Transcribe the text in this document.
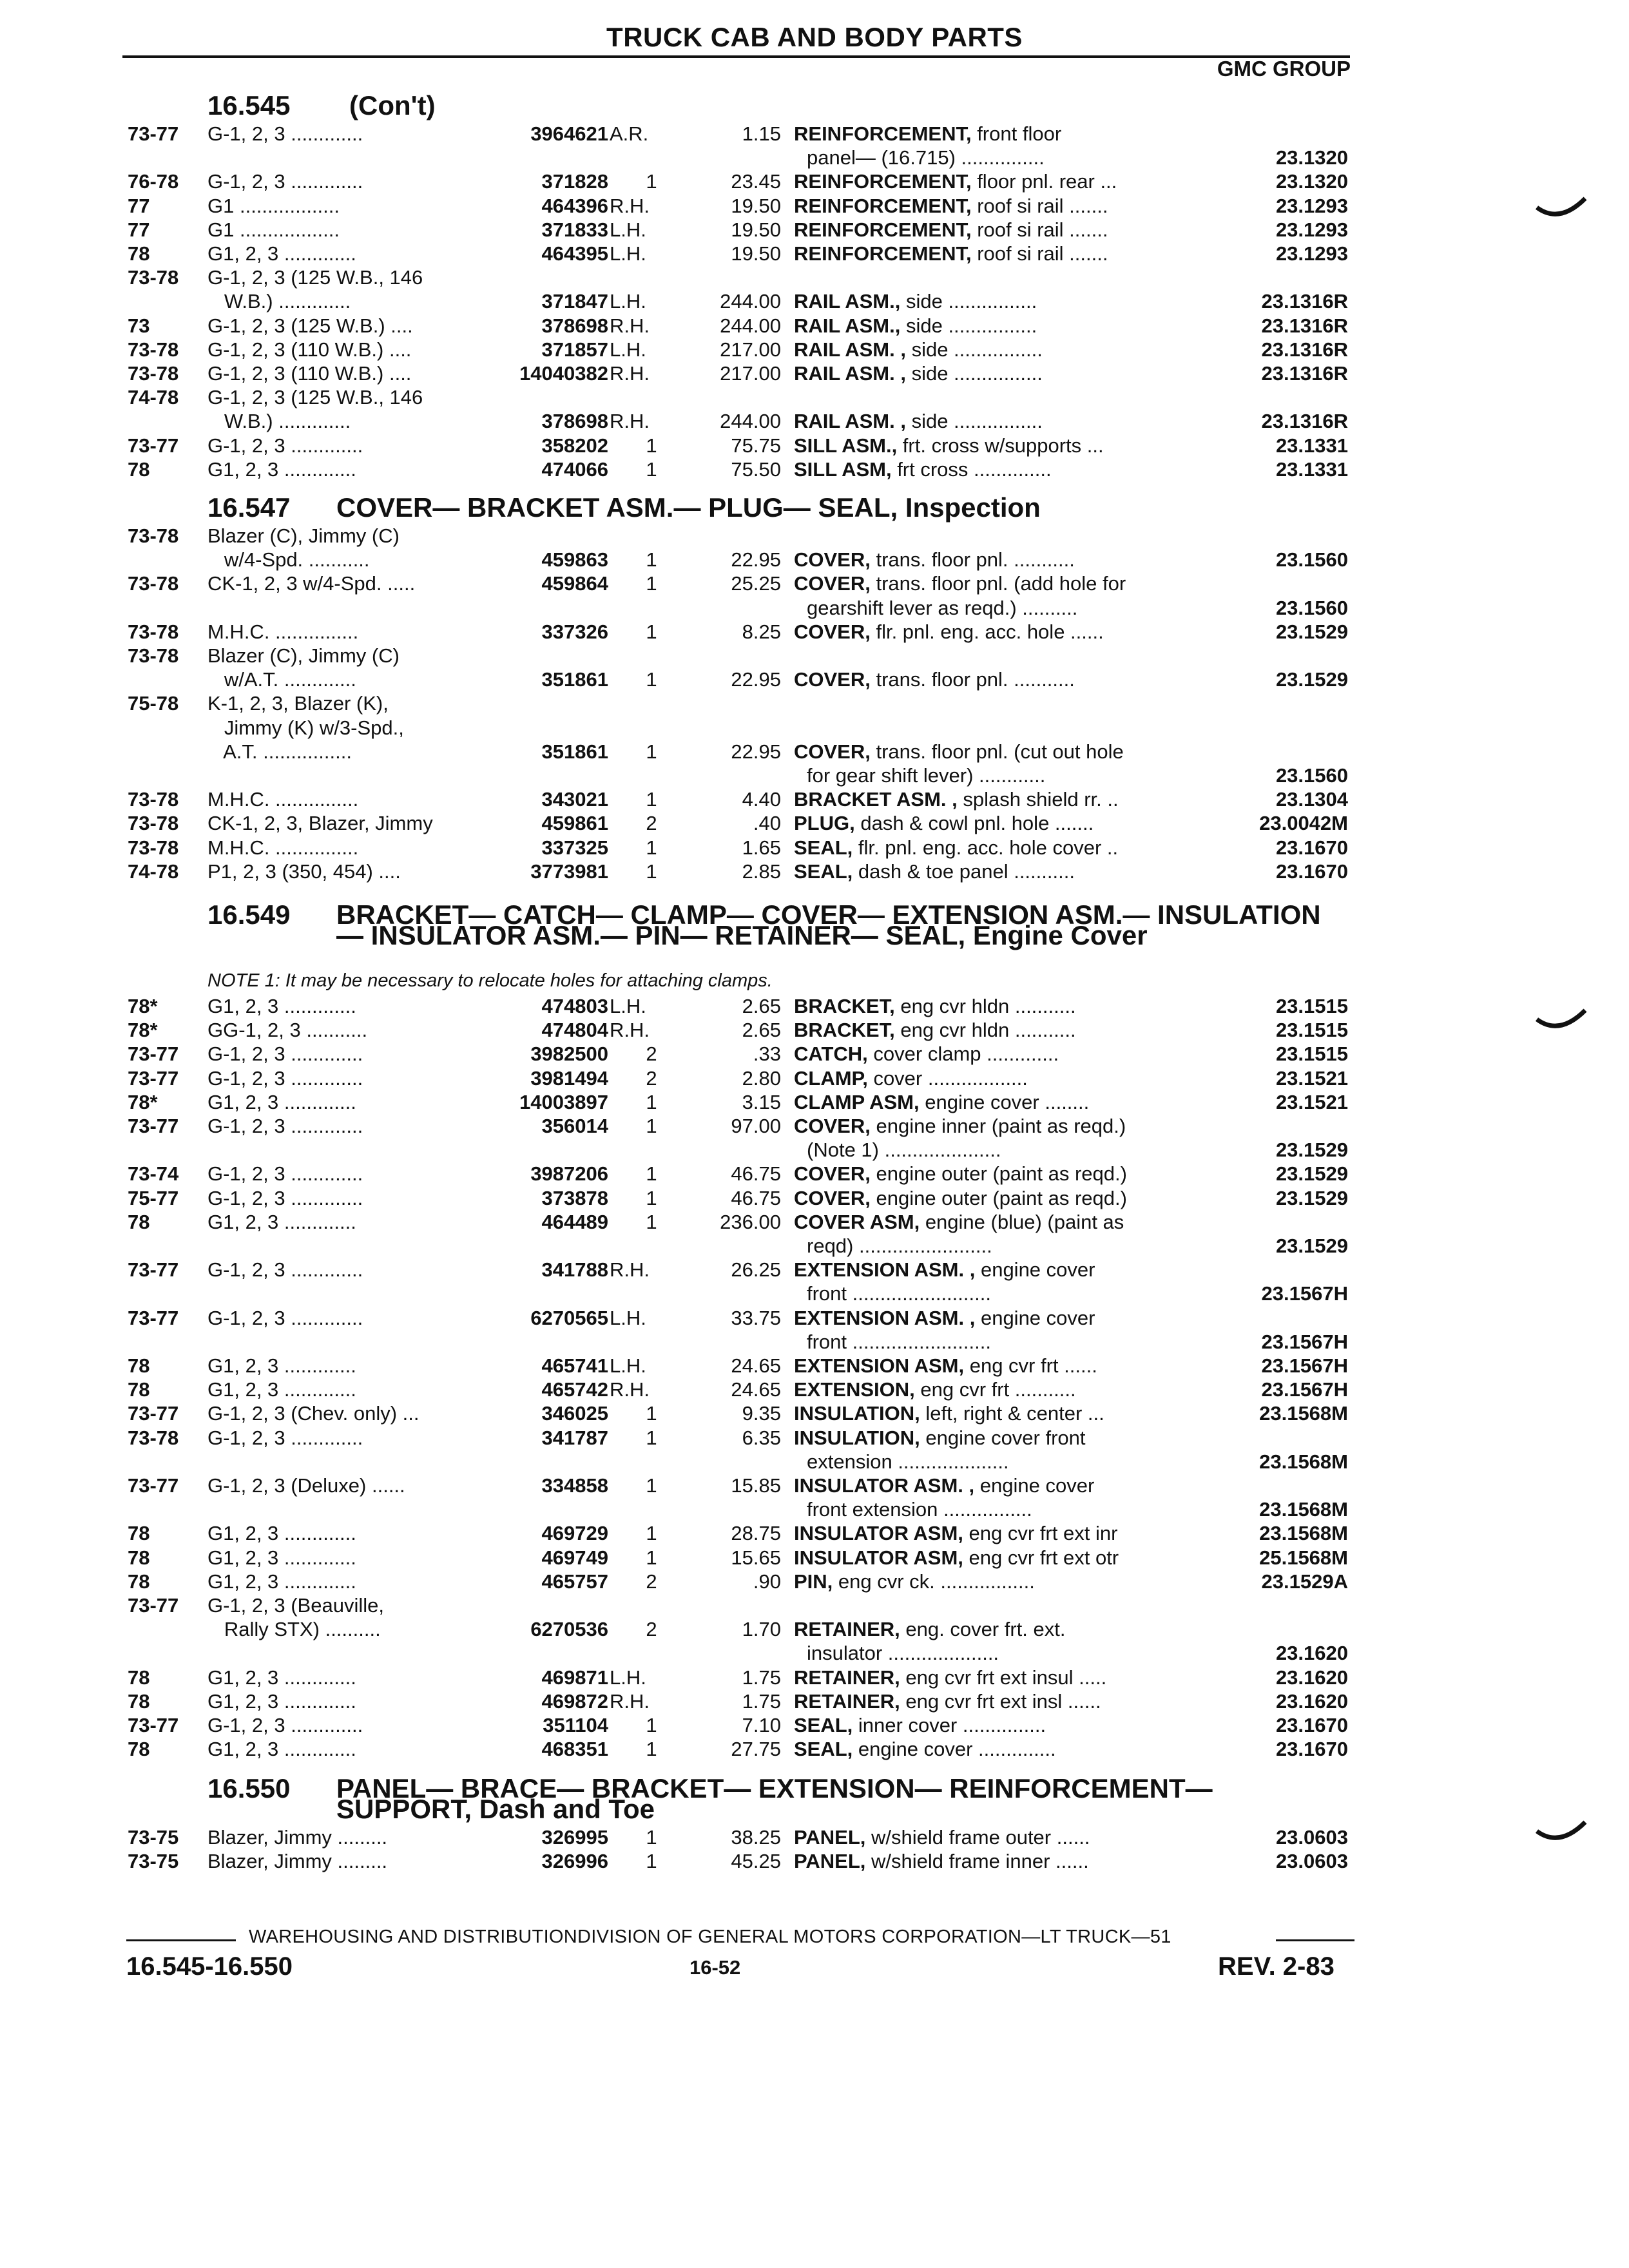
TRUCK CAB AND BODY PARTS
GMC GROUP
16.545 (Con't)
73-77 G-1, 2, 3 .............	3964621 A.R.	1.15 REINFORCEMENT, front floor
panel— (16.715) ...............	23.1320
76-78 G-1, 2, 3 .............	371828	1	23.45 REINFORCEMENT, floor pnl. rear ...	23.1320
77	G1 ..................	464396 R.H.	19.50 REINFORCEMENT, roof si rail .......	23.1293
77	G1 ..................	371833 L.H.	19.50 REINFORCEMENT, roof si rail .......	23.1293
78	G1, 2, 3 .............	464395 L.H.	19.50 REINFORCEMENT, roof si rail .......	23.1293
73-78 G-1, 2, 3 (125 W.B., 146
W.B.) .............	371847 L.H.	244.00 RAIL ASM., side ................	23.1316R
73	G-1, 2, 3 (125 W.B.) ....	378698 R.H.	244.00 RAIL ASM., side ................	23.1316R
73-78 G-1, 2, 3 (110 W.B.) ....	371857 L.H.	217.00 RAIL ASM. , side ................	23.1316R
73-78 G-1, 2, 3 (110 W.B.) ....	14040382 R.H.	217.00 RAIL ASM. , side ................	23.1316R
74-78 G-1, 2, 3 (125 W.B., 146
W.B.) .............	378698 R.H.	244.00 RAIL ASM. , side ................	23.1316R
73-77 G-1, 2, 3 .............	358202	1	75.75 SILL ASM., frt. cross w/supports ...	23.1331
78	G1, 2, 3 .............	474066	1	75.50 SILL ASM, frt cross ..............	23.1331
16.547 COVER— BRACKET ASM.— PLUG— SEAL, Inspection
73-78 Blazer (C), Jimmy (C)
w/4-Spd. ...........	459863	1	22.95 COVER, trans. floor pnl. ...........	23.1560
73-78 CK-1, 2, 3 w/4-Spd. .....	459864	1	25.25 COVER, trans. floor pnl. (add hole for
gearshift lever as reqd.) ..........	23.1560
73-78 M.H.C. ...............	337326	1	8.25 COVER, flr. pnl. eng. acc. hole ......	23.1529
73-78 Blazer (C), Jimmy (C)
w/A.T. .............	351861	1	22.95 COVER, trans. floor pnl. ...........	23.1529
75-78 K-1, 2, 3, Blazer (K),
Jimmy (K) w/3-Spd.,
A.T. ................	351861	1	22.95 COVER, trans. floor pnl. (cut out hole
for gear shift lever) ............	23.1560
73-78 M.H.C. ...............	343021	1	4.40 BRACKET ASM. , splash shield rr. ..	23.1304
73-78 CK-1, 2, 3, Blazer, Jimmy	459861	2	.40 PLUG, dash & cowl pnl. hole .......	23.0042M
73-78 M.H.C. ...............	337325	1	1.65 SEAL, flr. pnl. eng. acc. hole cover ..	23.1670
74-78 P1, 2, 3 (350, 454) ....	3773981	1	2.85 SEAL, dash & toe panel ...........	23.1670
16.549 BRACKET— CATCH— CLAMP— COVER— EXTENSION ASM.— INSULATION— INSULATOR ASM.— PIN— RETAINER— SEAL, Engine Cover
NOTE 1: It may be necessary to relocate holes for attaching clamps.
78* G1, 2, 3 .............	474803 L.H.	2.65 BRACKET, eng cvr hldn ...........	23.1515
78* GG-1, 2, 3 ...........	474804 R.H.	2.65 BRACKET, eng cvr hldn ...........	23.1515
73-77 G-1, 2, 3 .............	3982500	2	.33 CATCH, cover clamp .............	23.1515
73-77 G-1, 2, 3 .............	3981494	2	2.80 CLAMP, cover ..................	23.1521
78* G1, 2, 3 .............	14003897	1	3.15 CLAMP ASM, engine cover ........	23.1521
73-77 G-1, 2, 3 .............	356014	1	97.00 COVER, engine inner (paint as reqd.)
(Note 1) .....................	23.1529
73-74 G-1, 2, 3 .............	3987206	1	46.75 COVER, engine outer (paint as reqd.)	23.1529
75-77 G-1, 2, 3 .............	373878	1	46.75 COVER, engine outer (paint as reqd.)	23.1529
78	G1, 2, 3 .............	464489	1	236.00 COVER ASM, engine (blue) (paint as
reqd) ........................	23.1529
73-77 G-1, 2, 3 .............	341788 R.H.	26.25 EXTENSION ASM. , engine cover
front .........................	23.1567H
73-77 G-1, 2, 3 .............	6270565 L.H.	33.75 EXTENSION ASM. , engine cover
front .........................	23.1567H
78	G1, 2, 3 .............	465741 L.H.	24.65 EXTENSION ASM, eng cvr frt ......	23.1567H
78	G1, 2, 3 .............	465742 R.H.	24.65 EXTENSION, eng cvr frt ...........	23.1567H
73-77 G-1, 2, 3 (Chev. only) ...	346025	1	9.35 INSULATION, left, right & center ...	23.1568M
73-78 G-1, 2, 3 .............	341787	1	6.35 INSULATION, engine cover front
extension ....................	23.1568M
73-77 G-1, 2, 3 (Deluxe) ......	334858	1	15.85 INSULATOR ASM. , engine cover
front extension ................	23.1568M
78	G1, 2, 3 .............	469729	1	28.75 INSULATOR ASM, eng cvr frt ext inr	23.1568M
78	G1, 2, 3 .............	469749	1	15.65 INSULATOR ASM, eng cvr frt ext otr	25.1568M
78	G1, 2, 3 .............	465757	2	.90 PIN, eng cvr ck. .................	23.1529A
73-77 G-1, 2, 3 (Beauville,
Rally STX) ..........	6270536	2	1.70 RETAINER, eng. cover frt. ext.
insulator ....................	23.1620
78	G1, 2, 3 .............	469871 L.H.	1.75 RETAINER, eng cvr frt ext insul .....	23.1620
78	G1, 2, 3 .............	469872 R.H.	1.75 RETAINER, eng cvr frt ext insl ......	23.1620
73-77 G-1, 2, 3 .............	351104	1	7.10 SEAL, inner cover ...............	23.1670
78	G1, 2, 3 .............	468351	1	27.75 SEAL, engine cover ..............	23.1670
16.550 PANEL— BRACE— BRACKET— EXTENSION— REINFORCEMENT— SUPPORT, Dash and Toe
73-75 Blazer, Jimmy .........	326995	1	38.25 PANEL, w/shield frame outer ......	23.0603
73-75 Blazer, Jimmy .........	326996	1	45.25 PANEL, w/shield frame inner ......	23.0603
WAREHOUSING AND DISTRIBUTIONDIVISION OF GENERAL MOTORS CORPORATION—LT TRUCK—51
16.545-16.550	16-52	REV. 2-83
